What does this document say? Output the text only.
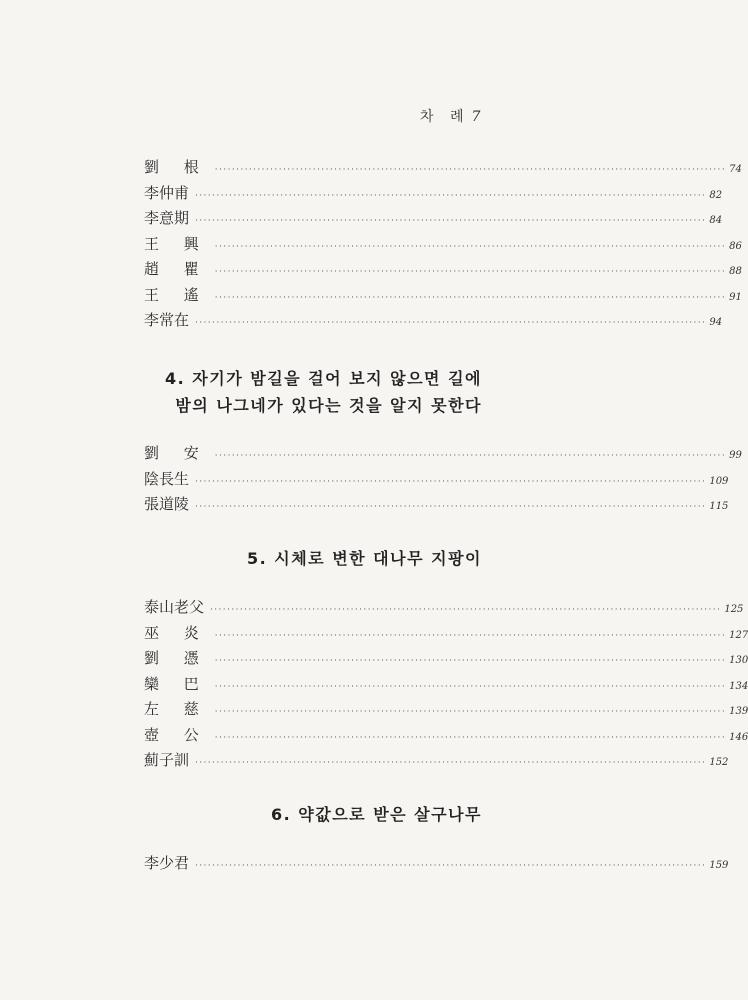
차 례 7
劉 根 ························································································································ 74
李仲甫 ························································································································ 82
李意期 ························································································································ 84
王 興 ························································································································ 86
趙 瞿 ························································································································ 88
王 遙 ························································································································ 91
李常在 ························································································································ 94
4. 자기가 밤길을 걸어 보지 않으면 길에
밤의 나그네가 있다는 것을 알지 못한다
劉 安 ························································································································ 99
陰長生 ························································································································ 109
張道陵 ························································································································ 115
5. 시체로 변한 대나무 지팡이
泰山老父 ························································································································ 125
巫 炎 ························································································································ 127
劉 憑 ························································································································ 130
欒 巴 ························································································································ 134
左 慈 ························································································································ 139
壺 公 ························································································································ 146
薊子訓 ························································································································ 152
6. 약값으로 받은 살구나무
李少君 ························································································································ 159
